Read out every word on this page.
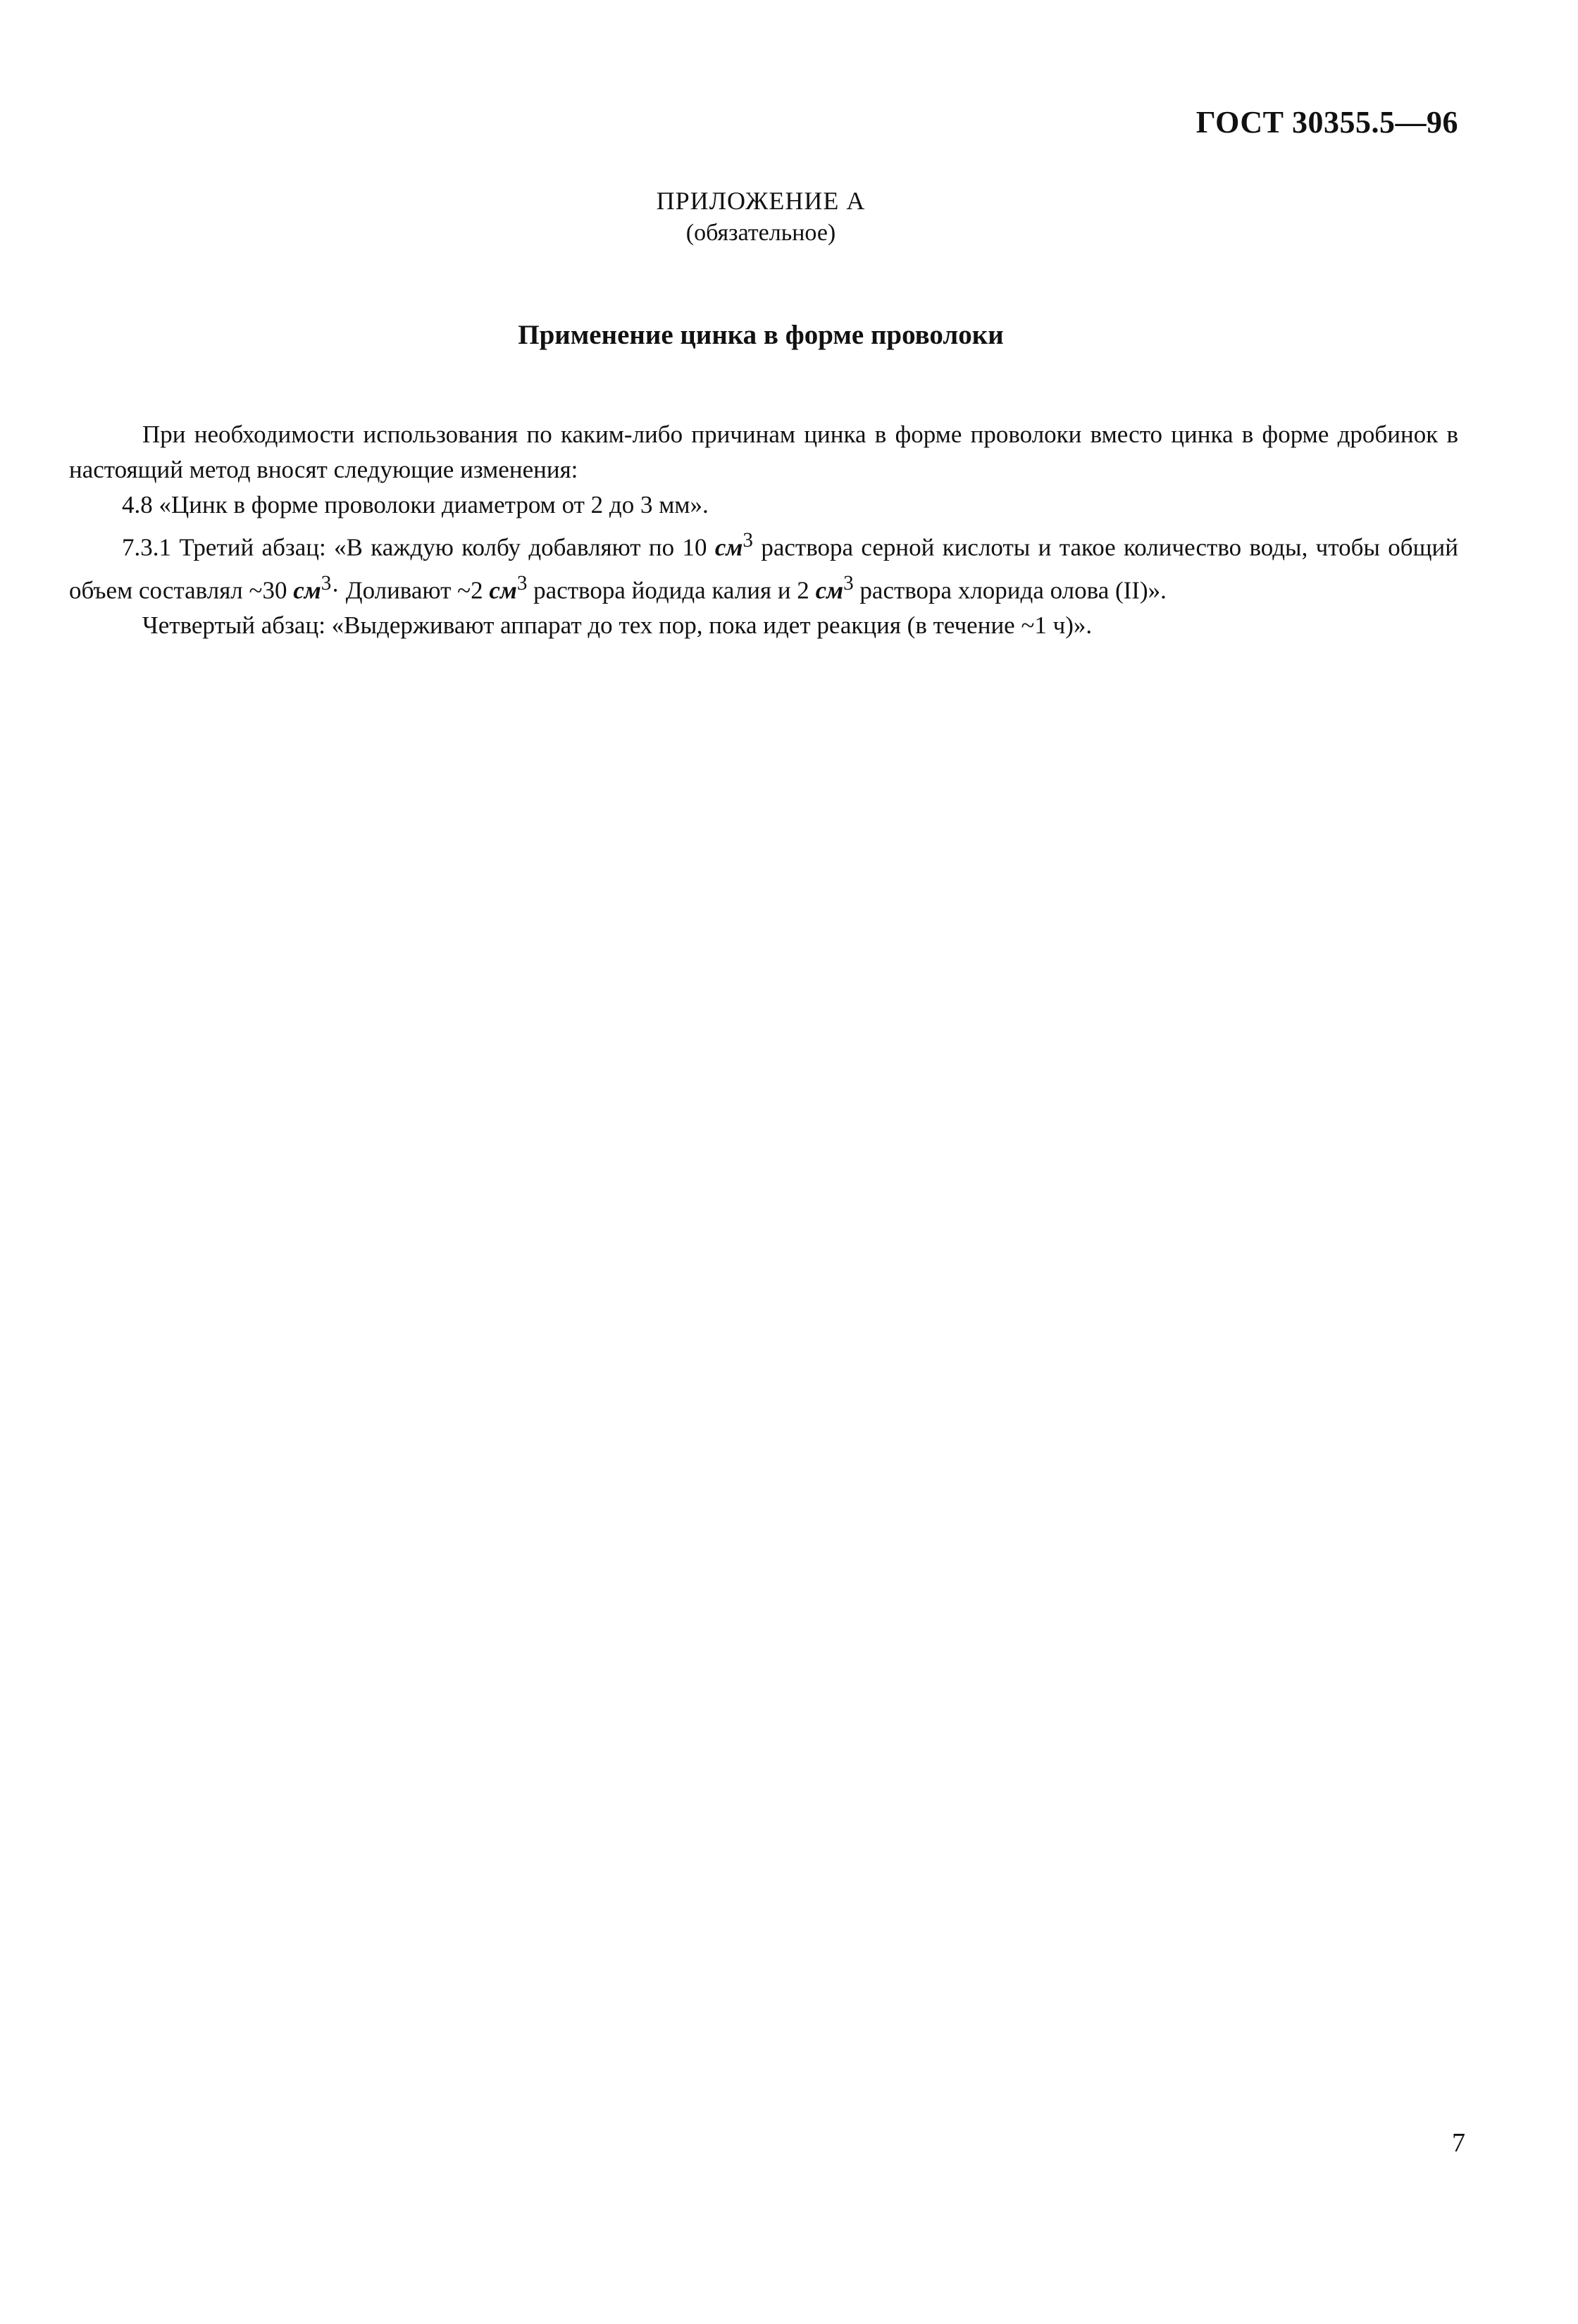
ГОСТ 30355.5—96
ПРИЛОЖЕНИЕ А
(обязательное)
Применение цинка в форме проволоки

При необходимости использования по каким-либо причинам цинка в форме проволоки вместо цинка в форме дробинок в настоящий метод вносят следующие изменения:

4.8 «Цинк в форме проволоки диаметром от 2 до 3 мм».

7.3.1 Третий абзац: «В каждую колбу добавляют по 10 $см^3$ раствора серной кислоты и такое количество воды, чтобы общий объем составлял ~30 $см^3\cdot$ Доливают ~2 $см^3$ раствора йодида калия и 2 $см^3$ раствора хлорида олова (II)».

Четвертый абзац: «Выдерживают аппарат до тех пор, пока идет реакция (в течение ~1 ч)».

7
